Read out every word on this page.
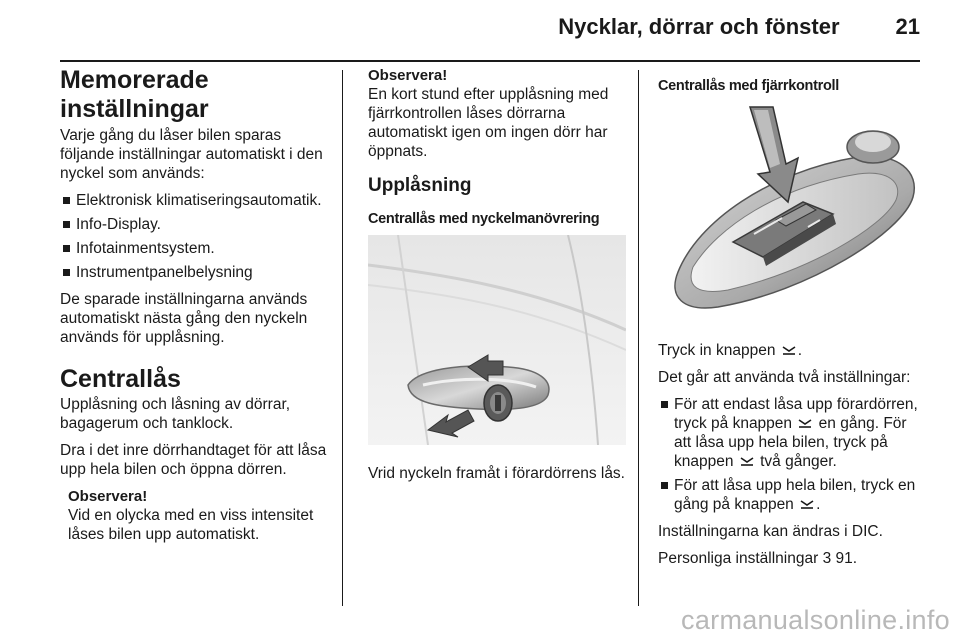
Nycklar, dörrar och fönster	21
Memorerade inställningar

Varje gång du låser bilen sparas följande inställningar automatiskt i den nyckel som används:

Elektronisk klimatiseringsautomatik.
Info-Display.
Infotainmentsystem.
Instrumentpanelbelysning

De sparade inställningarna används automatiskt nästa gång den nyckeln används för upplåsning.

Centrallås

Upplåsning och låsning av dörrar, bagagerum och tanklock.

Dra i det inre dörrhandtaget för att låsa upp hela bilen och öppna dörren.

Observera!
Vid en olycka med en viss intensitet låses bilen upp automatiskt.
Observera!
En kort stund efter upplåsning med fjärrkontrollen låses dörrarna automatiskt igen om ingen dörr har öppnats.
Upplåsning
Centrallås med nyckelmanövrering

Vrid nyckeln framåt i förardörrens lås.

Centrallås med fjärrkontroll

Tryck in knappen .

Det går att använda två inställningar:

För att endast låsa upp förardörren, tryck på knappen en gång. För att låsa upp hela bilen, tryck på knappen två gånger.
För att låsa upp hela bilen, tryck en gång på knappen .

Inställningarna kan ändras i DIC.

Personliga inställningar 3 91.

carmanualsonline.info
